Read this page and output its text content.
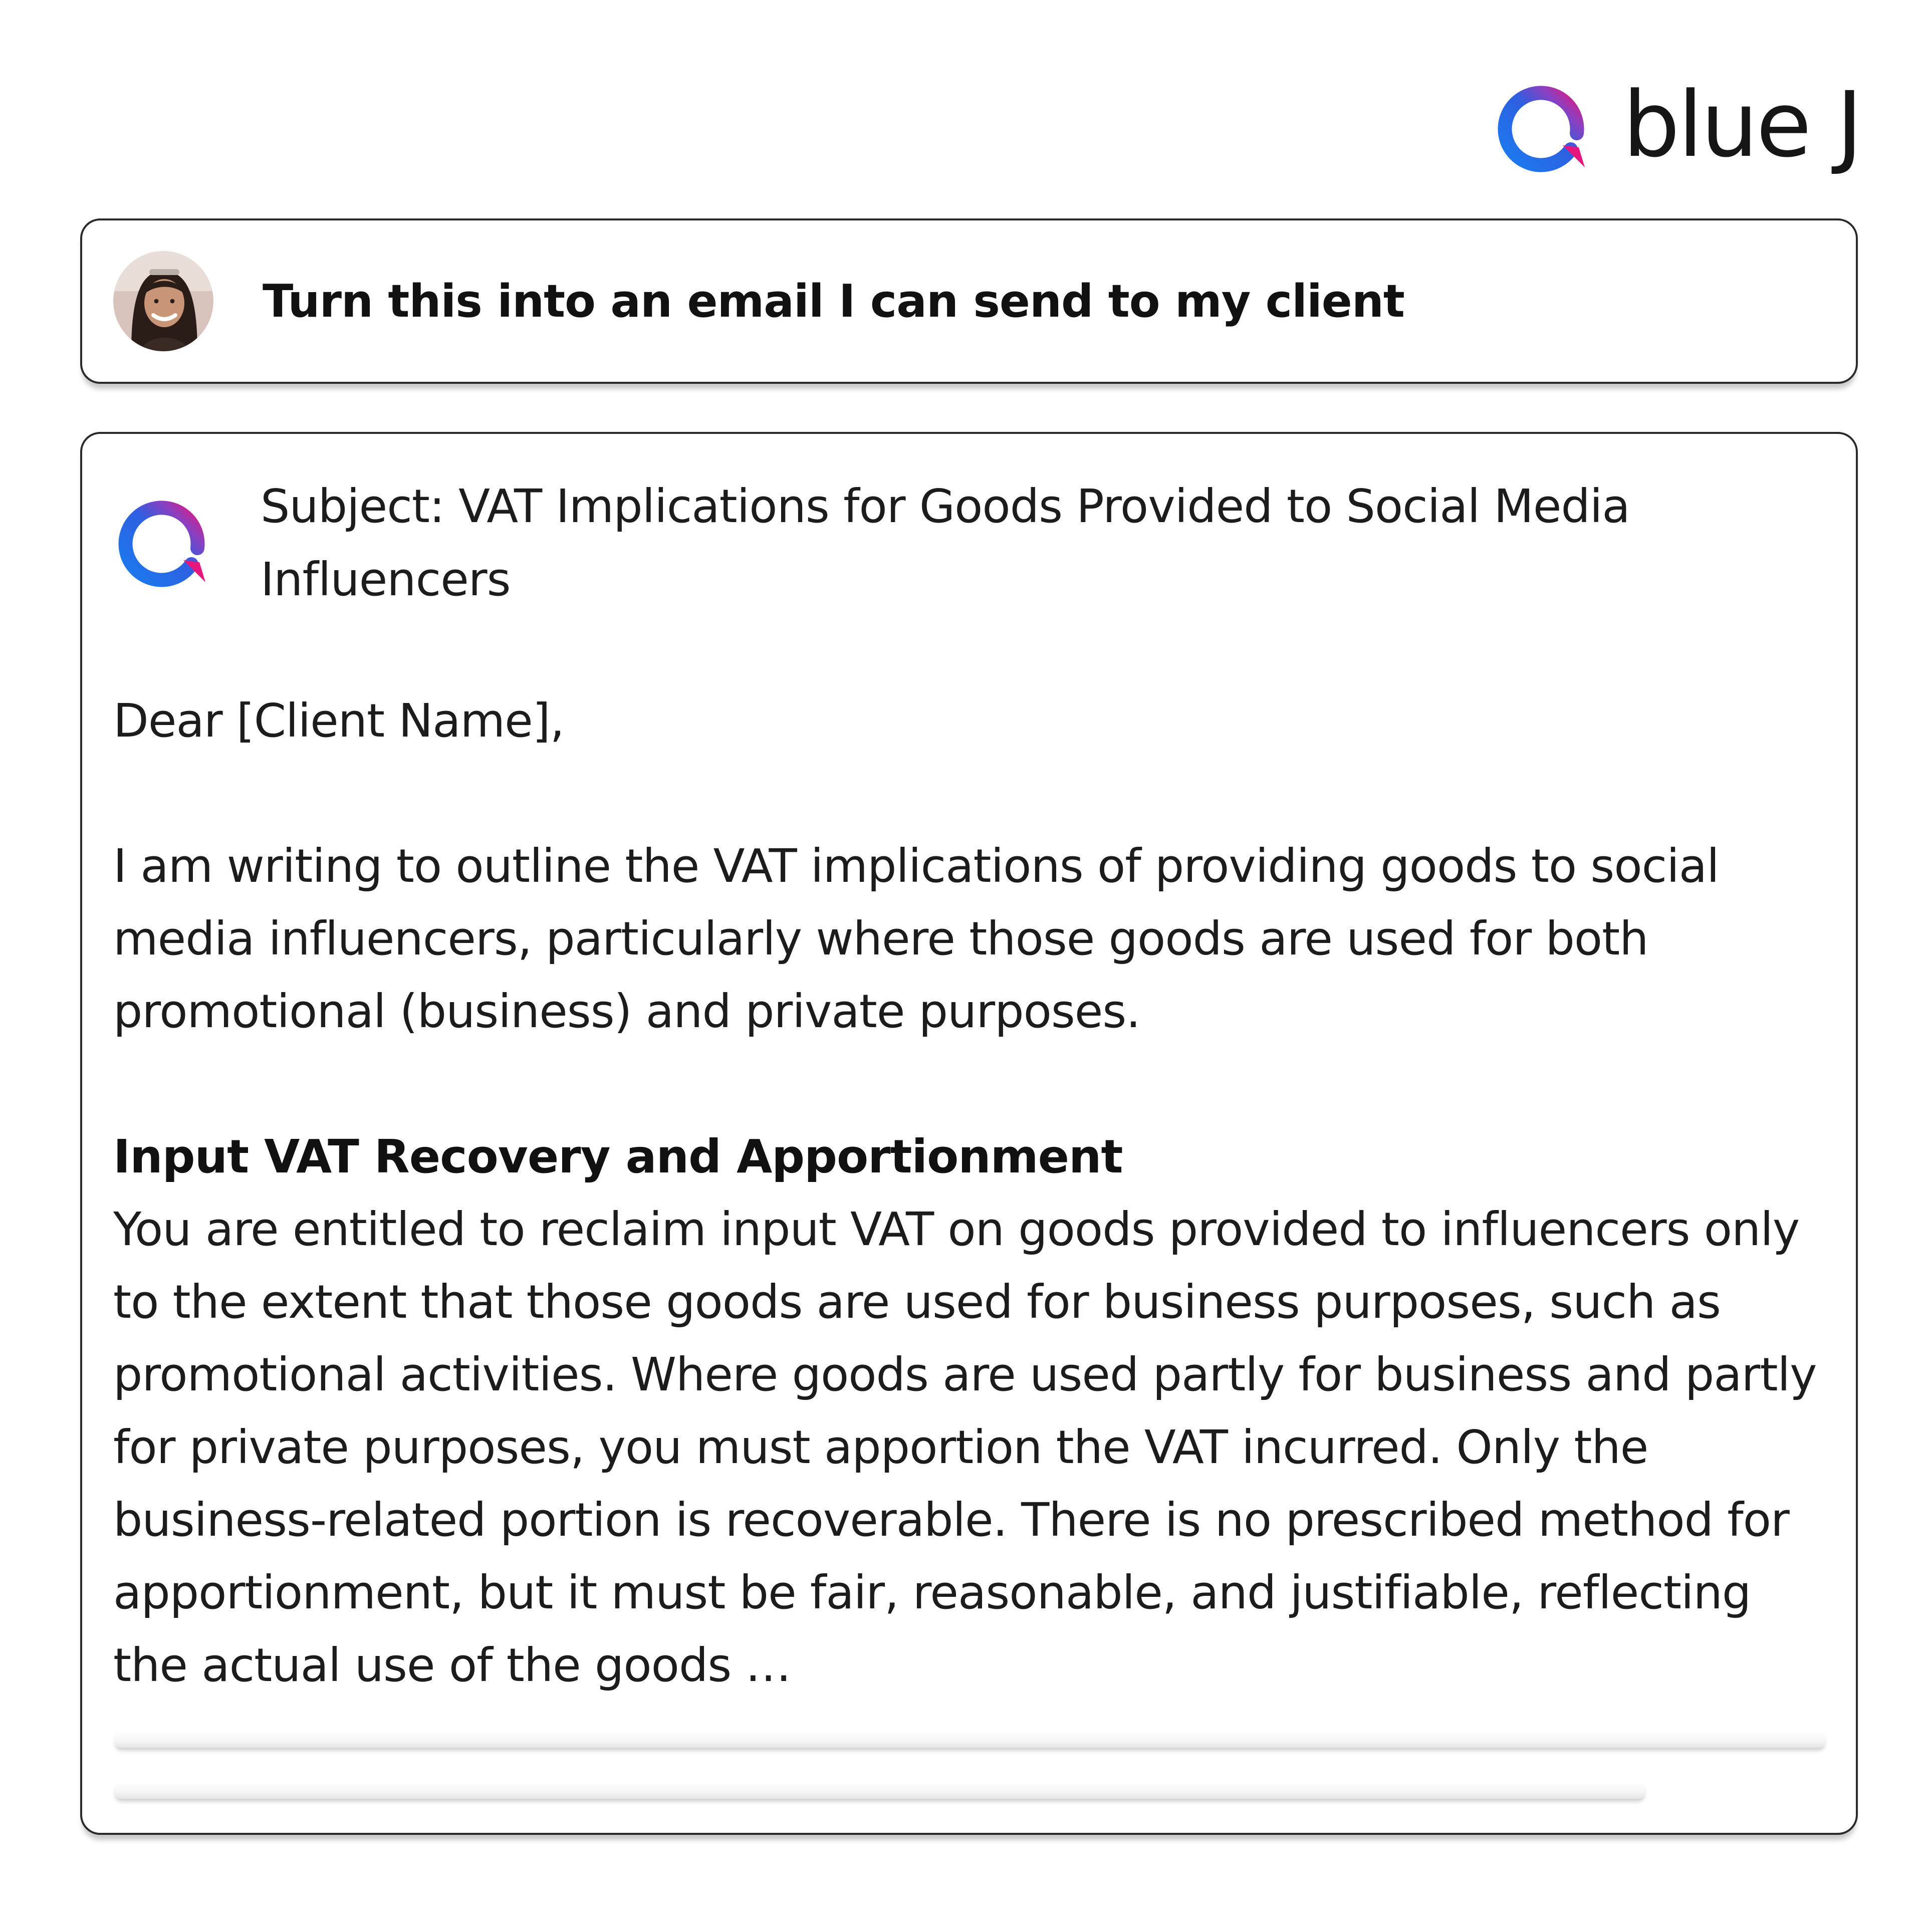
blue J
Turn this into an email I can send to my client
Subject: VAT Implications for Goods Provided to Social Media Influencers

Dear [Client Name],

I am writing to outline the VAT implications of providing goods to social media influencers, particularly where those goods are used for both promotional (business) and private purposes.

Input VAT Recovery and Apportionment

You are entitled to reclaim input VAT on goods provided to influencers only to the extent that those goods are used for business purposes, such as promotional activities. Where goods are used partly for business and partly for private purposes, you must apportion the VAT incurred. Only the business-related portion is recoverable. There is no prescribed method for apportionment, but it must be fair, reasonable, and justifiable, reflecting the actual use of the goods …
